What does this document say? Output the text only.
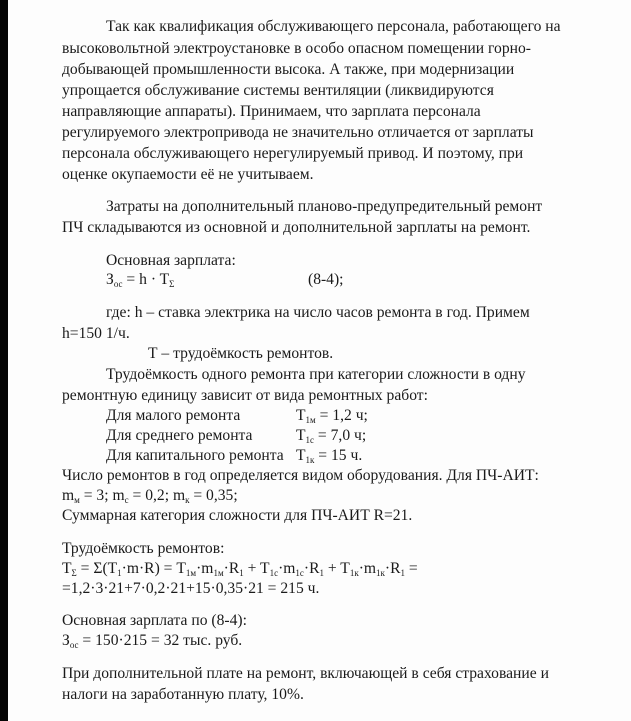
Так как квалификация обслуживающего персонала, работающего на
высоковольтной электроустановке в особо опасном помещении горно-
добывающей промышленности высока. А также, при модернизации
упрощается обслуживание системы вентиляции (ликвидируются
направляющие аппараты). Принимаем, что зарплата персонала
регулируемого электропривода не значительно отличается от зарплаты
персонала обслуживающего нерегулируемый привод. И поэтому, при
оценке окупаемости её не учитываем.
Затраты на дополнительный планово-предупредительный ремонт
ПЧ складываются из основной и дополнительной зарплаты на ремонт.
Основная зарплата:
$З_{ос} = h \cdot T_\Sigma$	(8-4);
где: h – ставка электрика на число часов ремонта в год. Примем
h=150 1/ч.
Т – трудоёмкость ремонтов.
Трудоёмкость одного ремонта при категории сложности в одну
ремонтную единицу зависит от вида ремонтных работ:
Для малого ремонта	$T_{1м} = 1,2$ ч;
Для среднего ремонта	$T_{1с} = 7,0$ ч;
Для капитального ремонта $T_{1к} = 15$ ч.
Число ремонтов в год определяется видом оборудования. Для ПЧ-АИТ:
$m_м = 3$; $m_с = 0,2$; $m_к = 0,35$;
Суммарная категория сложности для ПЧ-АИТ R=21.
Трудоёмкость ремонтов:
$T_\Sigma = \Sigma(T_1\cdot m\cdot R) = T_{1м}\cdot m_{1м}\cdot R_1 + T_{1с}\cdot m_{1с}\cdot R_1 + T_{1к}\cdot m_{1к}\cdot R_1$ =
=1,2·3·21+7·0,2·21+15·0,35·21 = 215 ч.
Основная зарплата по (8-4):
$З_{ос} = 150\cdot 215 = 32$ тыс. руб.
При дополнительной плате на ремонт, включающей в себя страхование и
налоги на заработанную плату, 10%.
